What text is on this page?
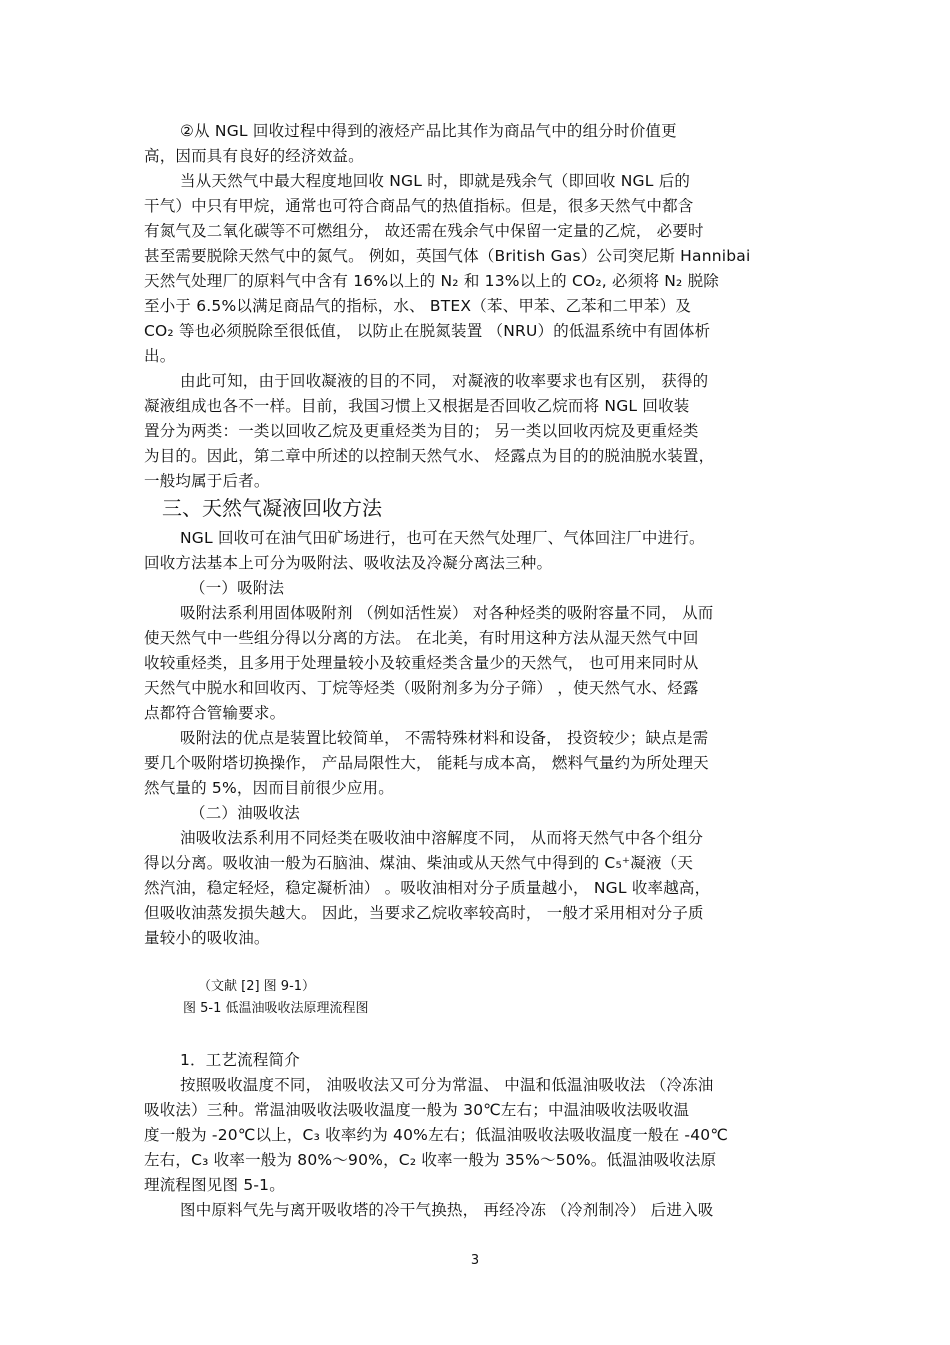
②从 NGL 回收过程中得到的液烃产品比其作为商品气中的组分时价值更
高，因而具有良好的经济效益。
当从天然气中最大程度地回收 NGL 时，即就是残余气（即回收 NGL 后的
干气）中只有甲烷，通常也可符合商品气的热值指标。但是，很多天然气中都含
有氮气及二氧化碳等不可燃组分， 故还需在残余气中保留一定量的乙烷， 必要时
甚至需要脱除天然气中的氮气。 例如，英国气体（British Gas）公司突尼斯 Hannibai
天然气处理厂的原料气中含有 16%以上的 N₂ 和 13%以上的 CO₂, 必须将 N₂ 脱除
至小于 6.5%以满足商品气的指标，水、 BTEX（苯、甲苯、乙苯和二甲苯）及
CO₂ 等也必须脱除至很低值， 以防止在脱氮装置 （NRU）的低温系统中有固体析
出。
由此可知，由于回收凝液的目的不同， 对凝液的收率要求也有区别， 获得的
凝液组成也各不一样。目前，我国习惯上又根据是否回收乙烷而将 NGL 回收装
置分为两类：一类以回收乙烷及更重烃类为目的； 另一类以回收丙烷及更重烃类
为目的。因此，第二章中所述的以控制天然气水、 烃露点为目的的脱油脱水装置，
一般均属于后者。
三、天然气凝液回收方法
NGL 回收可在油气田矿场进行，也可在天然气处理厂、气体回注厂中进行。
回收方法基本上可分为吸附法、吸收法及冷凝分离法三种。
（一）吸附法
吸附法系利用固体吸附剂 （例如活性炭） 对各种烃类的吸附容量不同， 从而
使天然气中一些组分得以分离的方法。 在北美，有时用这种方法从湿天然气中回
收较重烃类，且多用于处理量较小及较重烃类含量少的天然气， 也可用来同时从
天然气中脱水和回收丙、丁烷等烃类（吸附剂多为分子筛） ，使天然气水、烃露
点都符合管输要求。
吸附法的优点是装置比较简单， 不需特殊材料和设备， 投资较少；缺点是需
要几个吸附塔切换操作， 产品局限性大， 能耗与成本高， 燃料气量约为所处理天
然气量的 5%，因而目前很少应用。
（二）油吸收法
油吸收法系利用不同烃类在吸收油中溶解度不同， 从而将天然气中各个组分
得以分离。吸收油一般为石脑油、煤油、柴油或从天然气中得到的 C₅⁺凝液（天
然汽油，稳定轻烃，稳定凝析油） 。吸收油相对分子质量越小， NGL 收率越高，
但吸收油蒸发损失越大。 因此，当要求乙烷收率较高时， 一般才采用相对分子质
量较小的吸收油。
（文献 [2] 图 9-1）
图 5-1 低温油吸收法原理流程图
1．工艺流程简介
按照吸收温度不同， 油吸收法又可分为常温、 中温和低温油吸收法 （冷冻油
吸收法）三种。常温油吸收法吸收温度一般为 30℃左右；中温油吸收法吸收温
度一般为 -20℃以上，C₃ 收率约为 40%左右；低温油吸收法吸收温度一般在 -40℃
左右，C₃ 收率一般为 80%～90%，C₂ 收率一般为 35%～50%。低温油吸收法原
理流程图见图 5-1。
图中原料气先与离开吸收塔的冷干气换热， 再经冷冻 （冷剂制冷） 后进入吸
3
